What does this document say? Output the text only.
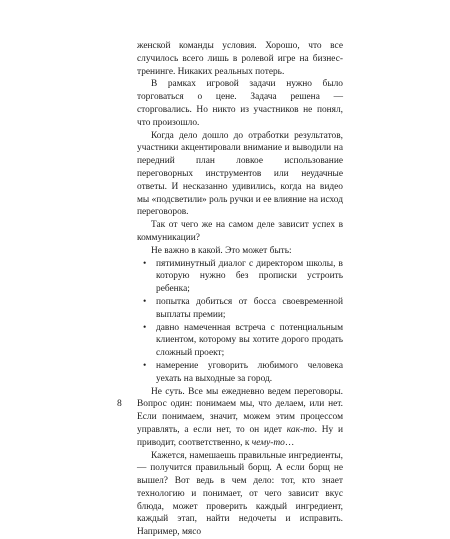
женской команды условия. Хорошо, что все случилось всего лишь в ролевой игре на бизнес-тренинге. Никаких реальных потерь.

В рамках игровой задачи нужно было торговаться о цене. Задача решена — сторговались. Но никто из участников не понял, что произошло.

Когда дело дошло до отработки результатов, участники акцентировали внимание и выводили на передний план ловкое использование переговорных инструментов или неудачные ответы. И несказанно удивились, когда на видео мы «подсветили» роль ручки и ее влияние на исход переговоров.

Так от чего же на самом деле зависит успех в коммуникации?

Не важно в какой. Это может быть:

• пятиминутный диалог с директором школы, в которую нужно без прописки устроить ребенка;
• попытка добиться от босса своевременной выплаты премии;
• давно намеченная встреча с потенциальным клиентом, которому вы хотите дорого продать сложный проект;
• намерение уговорить любимого человека уехать на выходные за город.

Не суть. Все мы ежедневно ведем переговоры. Вопрос один: понимаем мы, что делаем, или нет. Если понимаем, значит, можем этим процессом управлять, а если нет, то он идет как-то. Ну и приводит, соответственно, к чему-то…

Кажется, намешаешь правильные ингредиенты, — получится правильный борщ. А если борщ не вышел? Вот ведь в чем дело: тот, кто знает технологию и понимает, от чего зависит вкус блюда, может проверить каждый ингредиент, каждый этап, найти недочеты и исправить. Например, мясо

8
